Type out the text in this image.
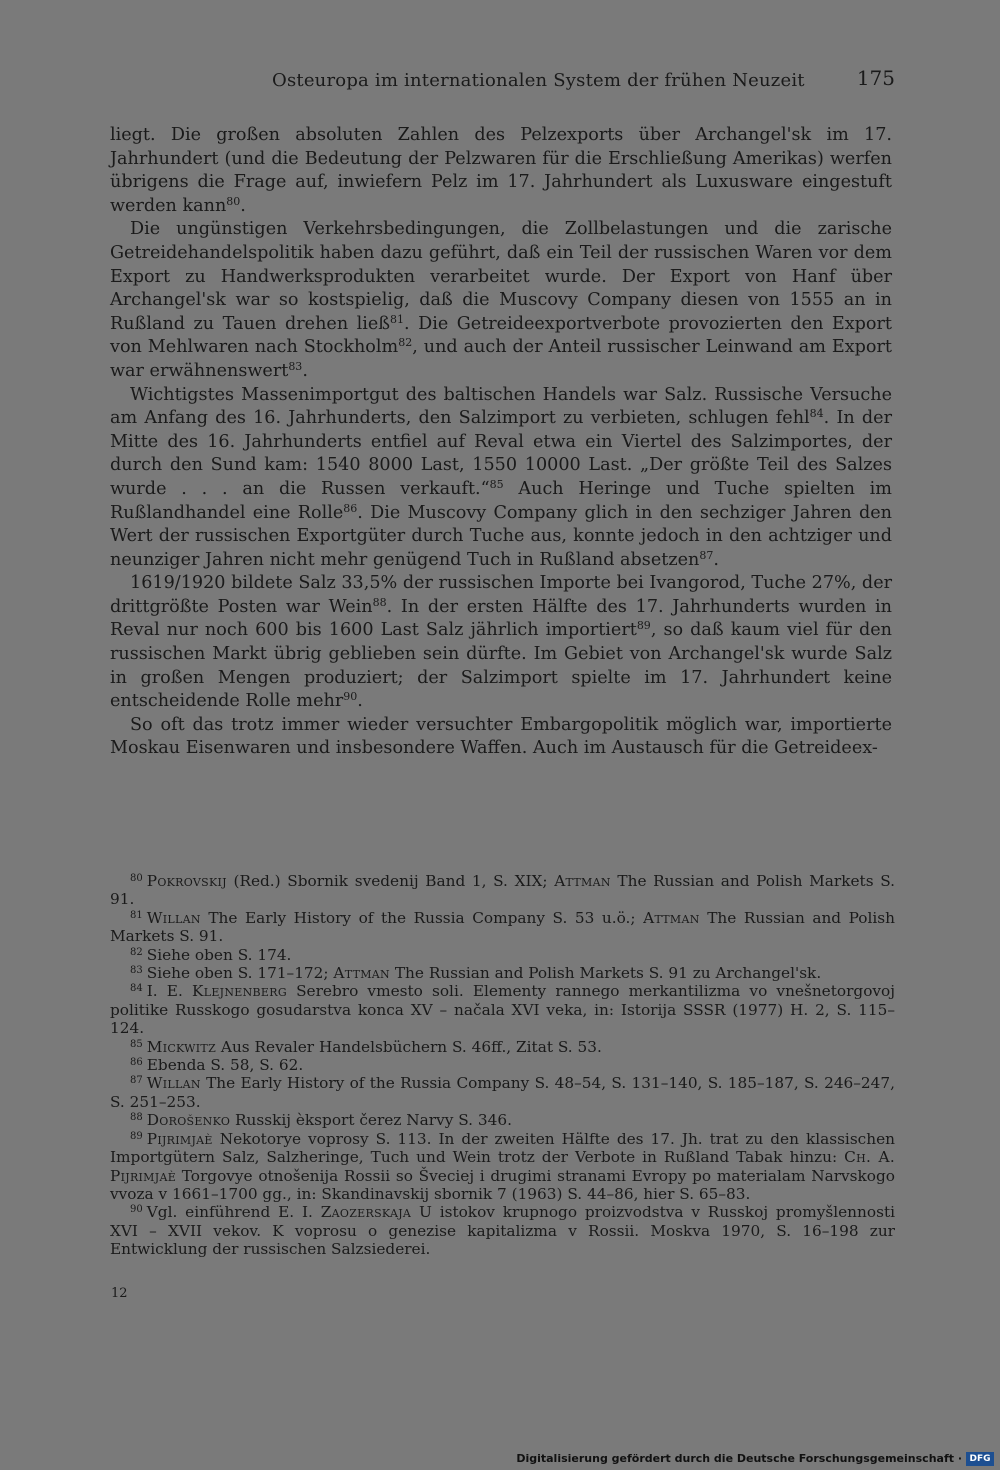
Osteuropa im internationalen System der frühen Neuzeit	175

liegt. Die großen absoluten Zahlen des Pelzexports über Archangel'sk im 17. Jahrhundert (und die Bedeutung der Pelzwaren für die Erschließung Amerikas) werfen übrigens die Frage auf, inwiefern Pelz im 17. Jahrhundert als Luxusware eingestuft werden kann$^{80}$.

Die ungünstigen Verkehrsbedingungen, die Zollbelastungen und die zarische Getreidehandelspolitik haben dazu geführt, daß ein Teil der russischen Waren vor dem Export zu Handwerksprodukten verarbeitet wurde. Der Export von Hanf über Archangel'sk war so kostspielig, daß die Muscovy Company diesen von 1555 an in Rußland zu Tauen drehen ließ$^{81}$. Die Getreideexportverbote provozierten den Export von Mehlwaren nach Stockholm$^{82}$, und auch der Anteil russischer Leinwand am Export war erwähnenswert$^{83}$.

Wichtigstes Massenimportgut des baltischen Handels war Salz. Russische Versuche am Anfang des 16. Jahrhunderts, den Salzimport zu verbieten, schlugen fehl$^{84}$. In der Mitte des 16. Jahrhunderts entfiel auf Reval etwa ein Viertel des Salzimportes, der durch den Sund kam: 1540 8000 Last, 1550 10000 Last. „Der größte Teil des Salzes wurde . . . an die Russen verkauft.“$^{85}$ Auch Heringe und Tuche spielten im Rußlandhandel eine Rolle$^{86}$. Die Muscovy Company glich in den sechziger Jahren den Wert der russischen Exportgüter durch Tuche aus, konnte jedoch in den achtziger und neunziger Jahren nicht mehr genügend Tuch in Rußland absetzen$^{87}$.

1619/1920 bildete Salz 33,5% der russischen Importe bei Ivangorod, Tuche 27%, der drittgrößte Posten war Wein$^{88}$. In der ersten Hälfte des 17. Jahrhunderts wurden in Reval nur noch 600 bis 1600 Last Salz jährlich importiert$^{89}$, so daß kaum viel für den russischen Markt übrig geblieben sein dürfte. Im Gebiet von Archangel'sk wurde Salz in großen Mengen produziert; der Salzimport spielte im 17. Jahrhundert keine entscheidende Rolle mehr$^{90}$.

So oft das trotz immer wieder versuchter Embargopolitik möglich war, importierte Moskau Eisenwaren und insbesondere Waffen. Auch im Austausch für die Getreideex-

$^{80}$ Pokrovskij (Red.) Sbornik svedenij Band 1, S. XIX; Attman The Russian and Polish Markets S. 91.

$^{81}$ Willan The Early History of the Russia Company S. 53 u.ö.; Attman The Russian and Polish Markets S. 91.

$^{82}$ Siehe oben S. 174.

$^{83}$ Siehe oben S. 171–172; Attman The Russian and Polish Markets S. 91 zu Archangel'sk.

$^{84}$ I. E. Klejnenberg Serebro vmesto soli. Elementy rannego merkantilizma vo vnešnetorgovoj politike Russkogo gosudarstva konca XV – načala XVI veka, in: Istorija SSSR (1977) H. 2, S. 115–124.

$^{85}$ Mickwitz Aus Revaler Handelsbüchern S. 46ff., Zitat S. 53.

$^{86}$ Ebenda S. 58, S. 62.

$^{87}$ Willan The Early History of the Russia Company S. 48–54, S. 131–140, S. 185–187, S. 246–247, S. 251–253.

$^{88}$ Dorošenko Russkij èksport čerez Narvy S. 346.

$^{89}$ Pijrimjaè Nekotorye voprosy S. 113. In der zweiten Hälfte des 17. Jh. trat zu den klassischen Importgütern Salz, Salzheringe, Tuch und Wein trotz der Verbote in Rußland Tabak hinzu: Ch. A. Pijrimjaè Torgovye otnošenija Rossii so Šveciej i drugimi stranami Evropy po materialam Narvskogo vvoza v 1661–1700 gg., in: Skandinavskij sbornik 7 (1963) S. 44–86, hier S. 65–83.

$^{90}$ Vgl. einführend E. I. Zaozerskaja U istokov krupnogo proizvodstva v Russkoj promyšlennosti XVI – XVII vekov. K voprosu o genezise kapitalizma v Rossii. Moskva 1970, S. 16–198 zur Entwicklung der russischen Salzsiederei.

12
Digitalisierung gefördert durch die Deutsche Forschungsgemeinschaft · DFG
